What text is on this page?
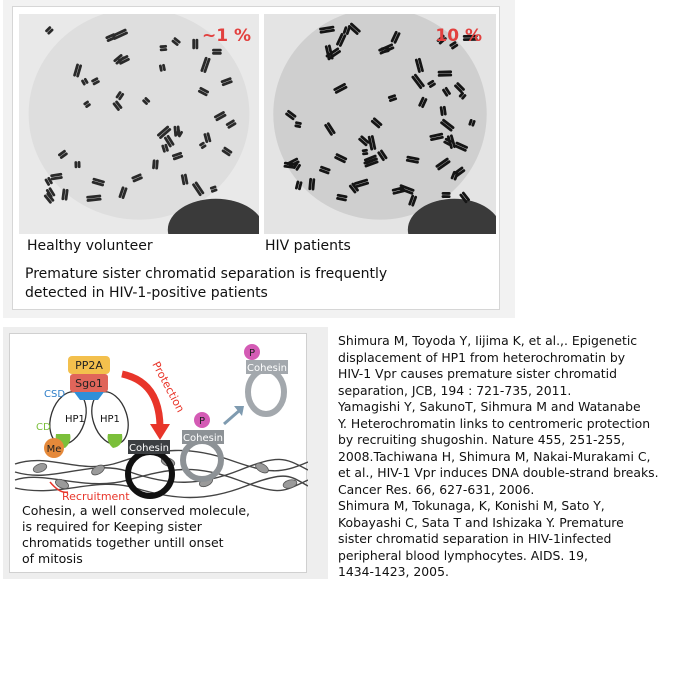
~1 %	10 %
Healthy volunteer	HIV patients
Premature sister chromatid separation is frequently
detected in HIV-1-positive patients
HP1 HP1
PP2A
Sgo1
CSD
CD
Me
Protection
Cohesin
Cohesin
P
Cohesin
P
Recruitment
Cohesin, a well conserved molecule,
is required for Keeping sister
chromatids together untill onset
of mitosis
Shimura M, Toyoda Y, Iijima K, et al.,. Epigenetic
displacement of HP1 from heterochromatin by
HIV-1 Vpr causes premature sister chromatid
separation, JCB, 194 : 721-735, 2011.
Yamagishi Y, SakunoT, Sihmura M and Watanabe
Y. Heterochromatin links to centromeric protection
by recruiting shugoshin. Nature 455, 251-255,
2008.Tachiwana H, Shimura M, Nakai-Murakami C,
et al., HIV-1 Vpr induces DNA double-strand breaks.
Cancer Res. 66, 627-631, 2006.
Shimura M, Tokunaga, K, Konishi M, Sato Y,
Kobayashi C, Sata T and Ishizaka Y. Premature
sister chromatid separation in HIV-1infected
peripheral blood lymphocytes. AIDS. 19,
1434-1423, 2005.
